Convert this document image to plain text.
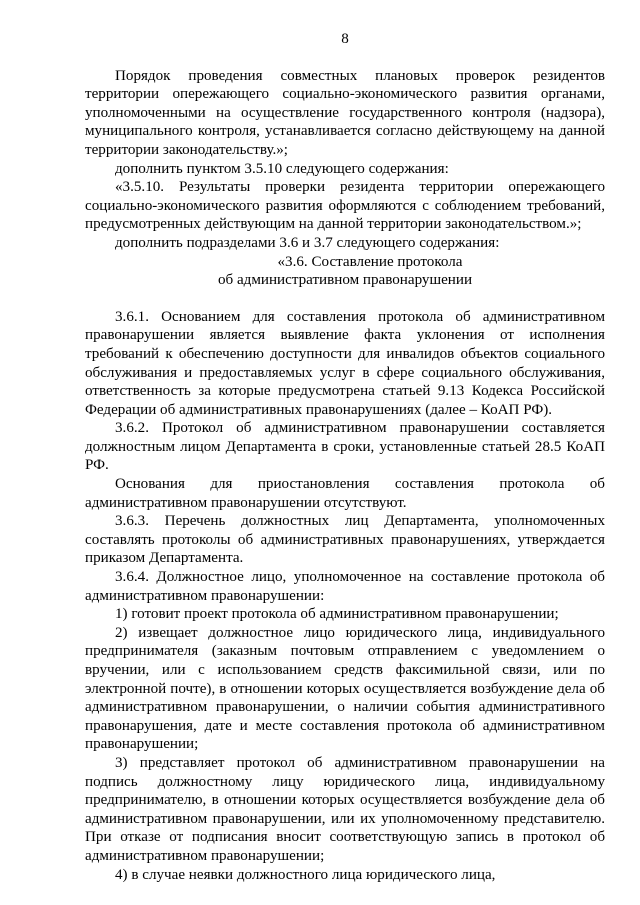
8

Порядок проведения совместных плановых проверок резидентов территории опережающего социально-экономического развития органами, уполномоченными на осуществление государственного контроля (надзора), муниципального контроля, устанавливается согласно действующему на данной территории законодательству.»;

дополнить пунктом 3.5.10 следующего содержания:

«3.5.10. Результаты проверки резидента территории опережающего социально-экономического развития оформляются с соблюдением требований, предусмотренных действующим на данной территории законодательством.»;

дополнить подразделами 3.6 и 3.7 следующего содержания:

«3.6. Составление протокола

об административном правонарушении

3.6.1. Основанием для составления протокола об административном правонарушении является выявление факта уклонения от исполнения требований к обеспечению доступности для инвалидов объектов социального обслуживания и предоставляемых услуг в сфере социального обслуживания, ответственность за которые предусмотрена статьей 9.13 Кодекса Российской Федерации об административных правонарушениях (далее – КоАП РФ).

3.6.2. Протокол об административном правонарушении составляется должностным лицом Департамента в сроки, установленные статьей 28.5 КоАП РФ.

Основания для приостановления составления протокола об административном правонарушении отсутствуют.

3.6.3. Перечень должностных лиц Департамента, уполномоченных составлять протоколы об административных правонарушениях, утверждается приказом Департамента.

3.6.4. Должностное лицо, уполномоченное на составление протокола об административном правонарушении:

1) готовит проект протокола об административном правонарушении;

2) извещает должностное лицо юридического лица, индивидуального предпринимателя (заказным почтовым отправлением с уведомлением о вручении, или с использованием средств факсимильной связи, или по электронной почте), в отношении которых осуществляется возбуждение дела об административном правонарушении, о наличии события административного правонарушения, дате и месте составления протокола об административном правонарушении;

3) представляет протокол об административном правонарушении на подпись должностному лицу юридического лица, индивидуальному предпринимателю, в отношении которых осуществляется возбуждение дела об административном правонарушении, или их уполномоченному представителю. При отказе от подписания вносит соответствующую запись в протокол об административном правонарушении;

4) в случае неявки должностного лица юридического лица,
